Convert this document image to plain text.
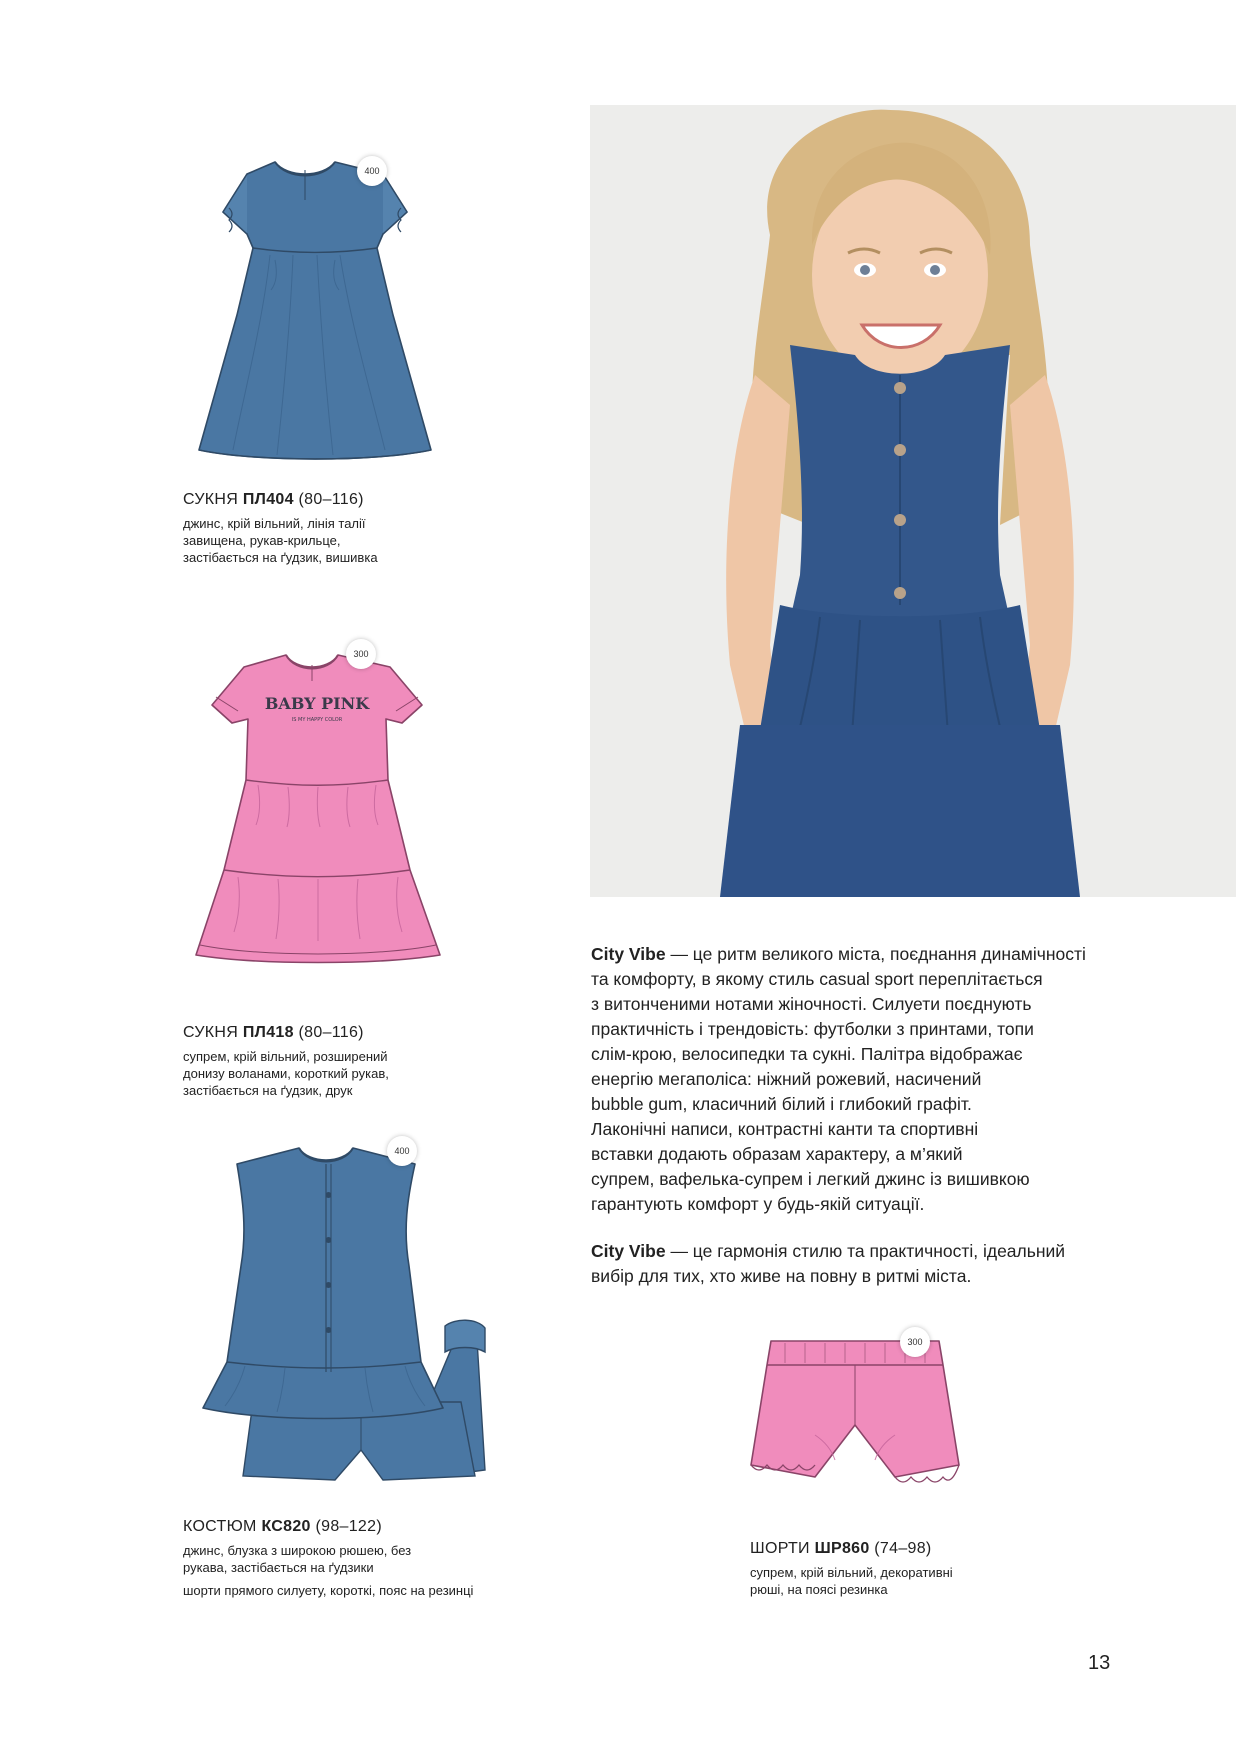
400
СУКНЯ ПЛ404 (80–116)
джинс, крій вільний, лінія талії
завищена, рукав-крильце,
застібається на ґудзик, вишивка
BABY PINK
IS MY HAPPY COLOR
300
СУКНЯ ПЛ418 (80–116)
супрем, крій вільний, розширений
донизу воланами, короткий рукав,
застібається на ґудзик, друк
400
КОСТЮМ КС820 (98–122)
джинс, блузка з широкою рюшею, без
рукава, застібається на ґудзики
шорти прямого силуету, короткі, пояс на резинці
City Vibe — це ритм великого міста, поєднання динамічності
та комфорту, в якому стиль casual sport переплітається
з витонченими нотами жіночності. Силуети поєднують
практичність і трендовість: футболки з принтами, топи
слім-крою, велосипедки та сукні. Палітра відображає
енергію мегаполіса: ніжний рожевий, насичений
bubble gum, класичний білий і глибокий графіт.
Лаконічні написи, контрастні канти та спортивні
вставки додають образам характеру, а м’який
супрем, вафелька-супрем і легкий джинс із вишивкою
гарантують комфорт у будь-якій ситуації.
City Vibe — це гармонія стилю та практичності, ідеальний
вибір для тих, хто живе на повну в ритмі міста.
300
ШОРТИ ШР860 (74–98)
супрем, крій вільний, декоративні
рюші, на поясі резинка
13
